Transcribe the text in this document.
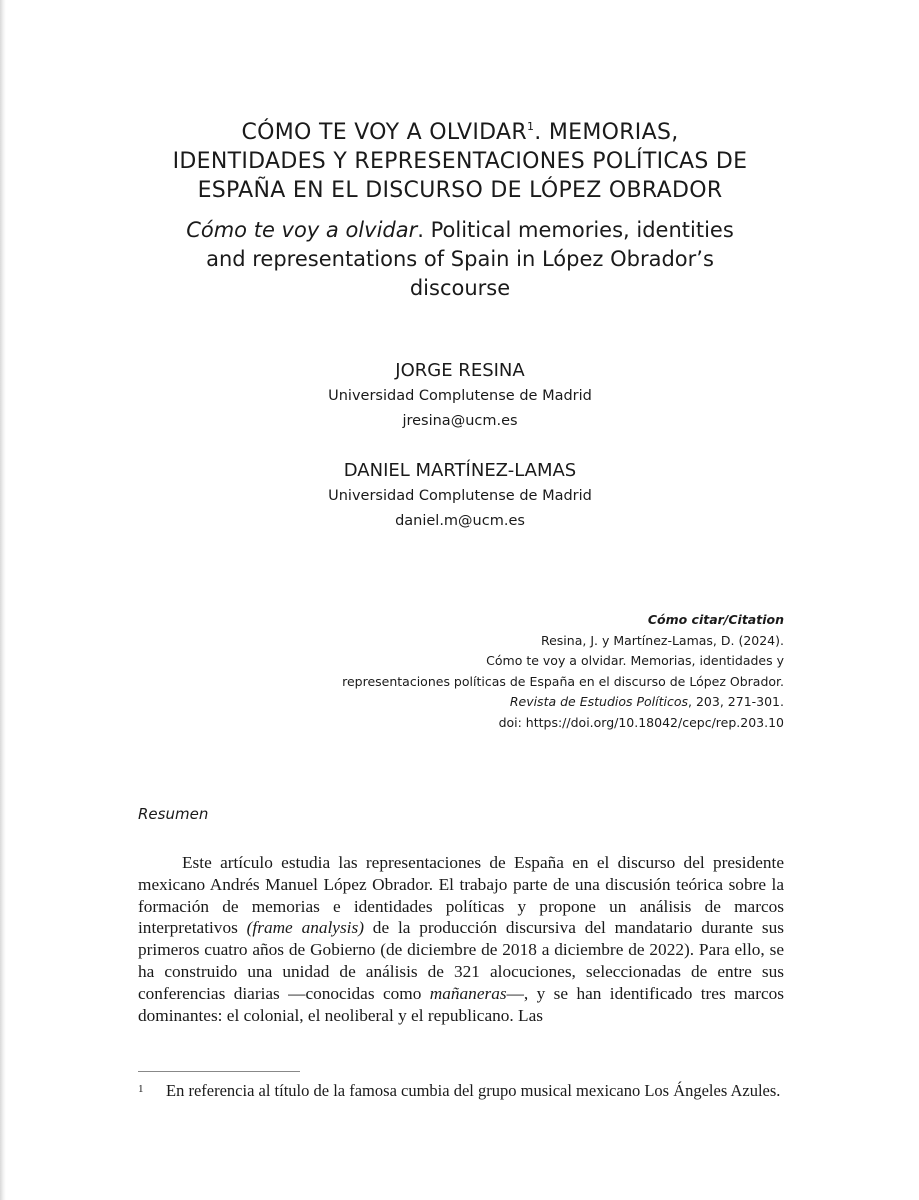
CÓMO TE VOY A OLVIDAR$^1$. MEMORIAS,
IDENTIDADES Y REPRESENTACIONES POLÍTICAS DE
ESPAÑA EN EL DISCURSO DE LÓPEZ OBRADOR
Cómo te voy a olvidar. Political memories, identities
and representations of Spain in López Obrador’s
discourse
JORGE RESINA
Universidad Complutense de Madrid
jresina@ucm.es
DANIEL MARTÍNEZ-LAMAS
Universidad Complutense de Madrid
daniel.m@ucm.es
Cómo citar/Citation
Resina, J. y Martínez-Lamas, D. (2024).
Cómo te voy a olvidar. Memorias, identidades y
representaciones políticas de España en el discurso de López Obrador.
Revista de Estudios Políticos, 203, 271-301.
doi: https://doi.org/10.18042/cepc/rep.203.10
Resumen

Este artículo estudia las representaciones de España en el discurso del presidente mexicano Andrés Manuel López Obrador. El trabajo parte de una discusión teórica sobre la formación de memorias e identidades políticas y propone un análisis de marcos interpretativos (frame analysis) de la producción discursiva del mandatario durante sus primeros cuatro años de Gobierno (de diciembre de 2018 a diciembre de 2022). Para ello, se ha construido una unidad de análisis de 321 alocuciones, seleccionadas de entre sus conferencias diarias —conocidas como mañaneras—, y se han identificado tres marcos dominantes: el colonial, el neoliberal y el republicano. Las

1 En referencia al título de la famosa cumbia del grupo musical mexicano Los Ángeles Azules.
